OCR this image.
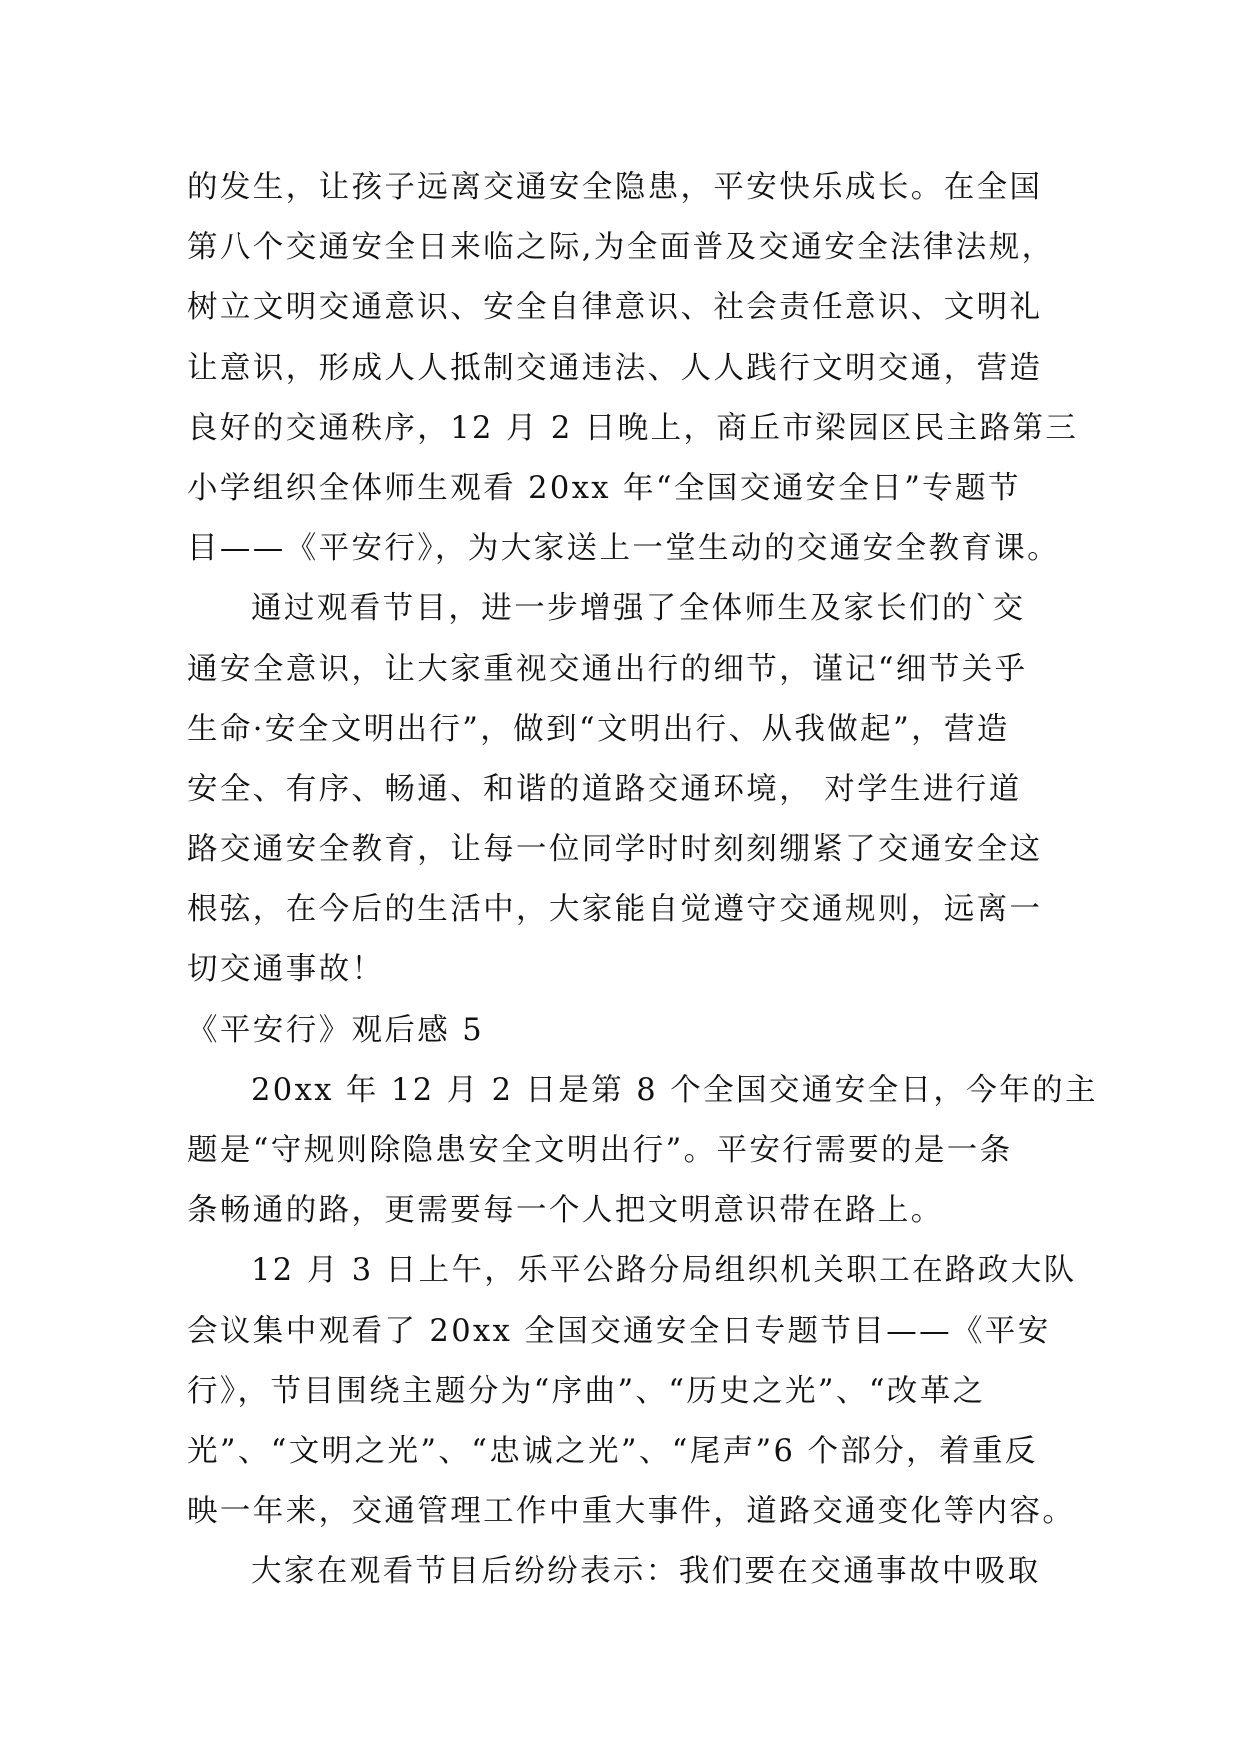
的发生，让孩子远离交通安全隐患，平安快乐成长。在全国
第八个交通安全日来临之际,为全面普及交通安全法律法规，
树立文明交通意识、安全自律意识、社会责任意识、文明礼
让意识，形成人人抵制交通违法、人人践行文明交通，营造
良好的交通秩序，12 月 2 日晚上，商丘市梁园区民主路第三
小学组织全体师生观看 20xx 年“全国交通安全日”专题节
目——《平安行》，为大家送上一堂生动的交通安全教育课。
通过观看节目，进一步增强了全体师生及家长们的`交
通安全意识，让大家重视交通出行的细节，谨记“细节关乎
生命·安全文明出行”，做到“文明出行、从我做起”，营造
安全、有序、畅通、和谐的道路交通环境， 对学生进行道
路交通安全教育，让每一位同学时时刻刻绷紧了交通安全这
根弦，在今后的生活中，大家能自觉遵守交通规则，远离一
切交通事故！
《平安行》观后感 5
20xx 年 12 月 2 日是第 8 个全国交通安全日，今年的主
题是“守规则除隐患安全文明出行”。平安行需要的是一条
条畅通的路，更需要每一个人把文明意识带在路上。
12 月 3 日上午，乐平公路分局组织机关职工在路政大队
会议集中观看了 20xx 全国交通安全日专题节目——《平安
行》，节目围绕主题分为“序曲”、“历史之光”、“改革之
光”、“文明之光”、“忠诚之光”、“尾声”6 个部分，着重反
映一年来，交通管理工作中重大事件，道路交通变化等内容。
大家在观看节目后纷纷表示：我们要在交通事故中吸取
